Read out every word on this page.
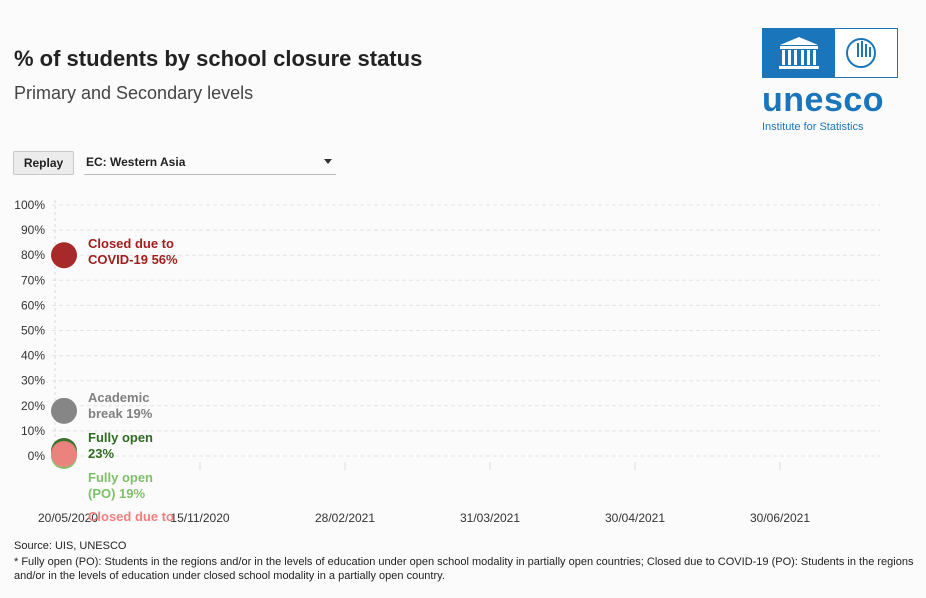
% of students by school closure status
Primary and Secondary levels	unesco
Institute for Statistics
Replay	EC: Western Asia
100%
90%
80%
70%
60%
50%
40%
30%
20%
10%
0%
20/05/2020	15/11/2020	28/02/2021	31/03/2021	30/04/2021	30/06/2021
Closed due to
COVID-19 56%
Academic
break 19%
Fully open
23%
Fully open
(PO) 19%
Closed due to
Source: UIS, UNESCO
* Fully open (PO): Students in the regions and/or in the levels of education under open school modality in partially open countries; Closed due to COVID-19 (PO): Students in the regions and/or in the levels of education under closed school modality in a partially open country.
